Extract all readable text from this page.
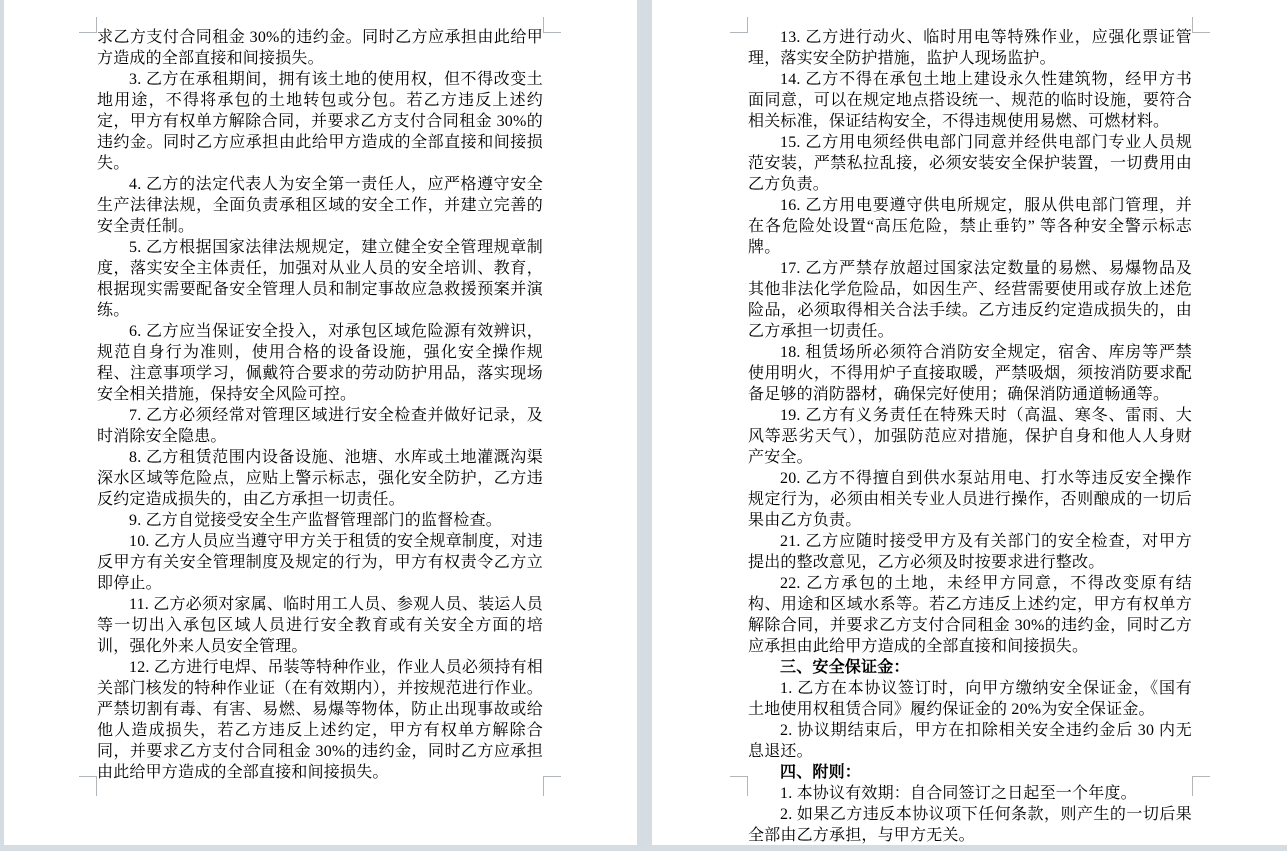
求乙方支付合同租金 30%的违约金。同时乙方应承担由此给甲方造成的全部直接和间接损失。

3. 乙方在承租期间，拥有该土地的使用权，但不得改变土地用途，不得将承包的土地转包或分包。若乙方违反上述约定，甲方有权单方解除合同，并要求乙方支付合同租金 30%的违约金。同时乙方应承担由此给甲方造成的全部直接和间接损失。

4. 乙方的法定代表人为安全第一责任人，应严格遵守安全生产法律法规，全面负责承租区域的安全工作，并建立完善的安全责任制。

5. 乙方根据国家法律法规规定，建立健全安全管理规章制度，落实安全主体责任，加强对从业人员的安全培训、教育，根据现实需要配备安全管理人员和制定事故应急救援预案并演练。

6. 乙方应当保证安全投入，对承包区域危险源有效辨识，规范自身行为准则，使用合格的设备设施，强化安全操作规程、注意事项学习，佩戴符合要求的劳动防护用品，落实现场安全相关措施，保持安全风险可控。

7. 乙方必须经常对管理区域进行安全检查并做好记录，及时消除安全隐患。

8. 乙方租赁范围内设备设施、池塘、水库或土地灌溉沟渠深水区域等危险点，应贴上警示标志，强化安全防护，乙方违反约定造成损失的，由乙方承担一切责任。

9. 乙方自觉接受安全生产监督管理部门的监督检查。

10. 乙方人员应当遵守甲方关于租赁的安全规章制度，对违反甲方有关安全管理制度及规定的行为，甲方有权责令乙方立即停止。

11. 乙方必须对家属、临时用工人员、参观人员、装运人员等一切出入承包区域人员进行安全教育或有关安全方面的培训，强化外来人员安全管理。

12. 乙方进行电焊、吊装等特种作业，作业人员必须持有相关部门核发的特种作业证（在有效期内），并按规范进行作业。严禁切割有毒、有害、易燃、易爆等物体，防止出现事故或给他人造成损失，若乙方违反上述约定，甲方有权单方解除合同，并要求乙方支付合同租金 30%的违约金，同时乙方应承担由此给甲方造成的全部直接和间接损失。

13. 乙方进行动火、临时用电等特殊作业，应强化票证管理，落实安全防护措施，监护人现场监护。

14. 乙方不得在承包土地上建设永久性建筑物，经甲方书面同意，可以在规定地点搭设统一、规范的临时设施，要符合相关标准，保证结构安全，不得违规使用易燃、可燃材料。

15. 乙方用电须经供电部门同意并经供电部门专业人员规范安装，严禁私拉乱接，必须安装安全保护装置，一切费用由乙方负责。

16. 乙方用电要遵守供电所规定，服从供电部门管理，并在各危险处设置“高压危险，禁止垂钓” 等各种安全警示标志牌。

17. 乙方严禁存放超过国家法定数量的易燃、易爆物品及其他非法化学危险品，如因生产、经营需要使用或存放上述危险品，必须取得相关合法手续。乙方违反约定造成损失的，由乙方承担一切责任。

18. 租赁场所必须符合消防安全规定，宿舍、库房等严禁使用明火，不得用炉子直接取暖，严禁吸烟，须按消防要求配备足够的消防器材，确保完好使用；确保消防通道畅通等。

19. 乙方有义务责任在特殊天时（高温、寒冬、雷雨、大风等恶劣天气），加强防范应对措施，保护自身和他人人身财产安全。

20. 乙方不得擅自到供水泵站用电、打水等违反安全操作规定行为，必须由相关专业人员进行操作，否则酿成的一切后果由乙方负责。

21. 乙方应随时接受甲方及有关部门的安全检查，对甲方提出的整改意见，乙方必须及时按要求进行整改。

22. 乙方承包的土地，未经甲方同意，不得改变原有结构、用途和区域水系等。若乙方违反上述约定，甲方有权单方解除合同，并要求乙方支付合同租金 30%的违约金，同时乙方应承担由此给甲方造成的全部直接和间接损失。

三、安全保证金：

1. 乙方在本协议签订时，向甲方缴纳安全保证金，《国有土地使用权租赁合同》履约保证金的 20%为安全保证金。

2. 协议期结束后，甲方在扣除相关安全违约金后 30 内无息退还。

四、附则：

1. 本协议有效期：自合同签订之日起至一个年度。

2. 如果乙方违反本协议项下任何条款，则产生的一切后果全部由乙方承担，与甲方无关。
